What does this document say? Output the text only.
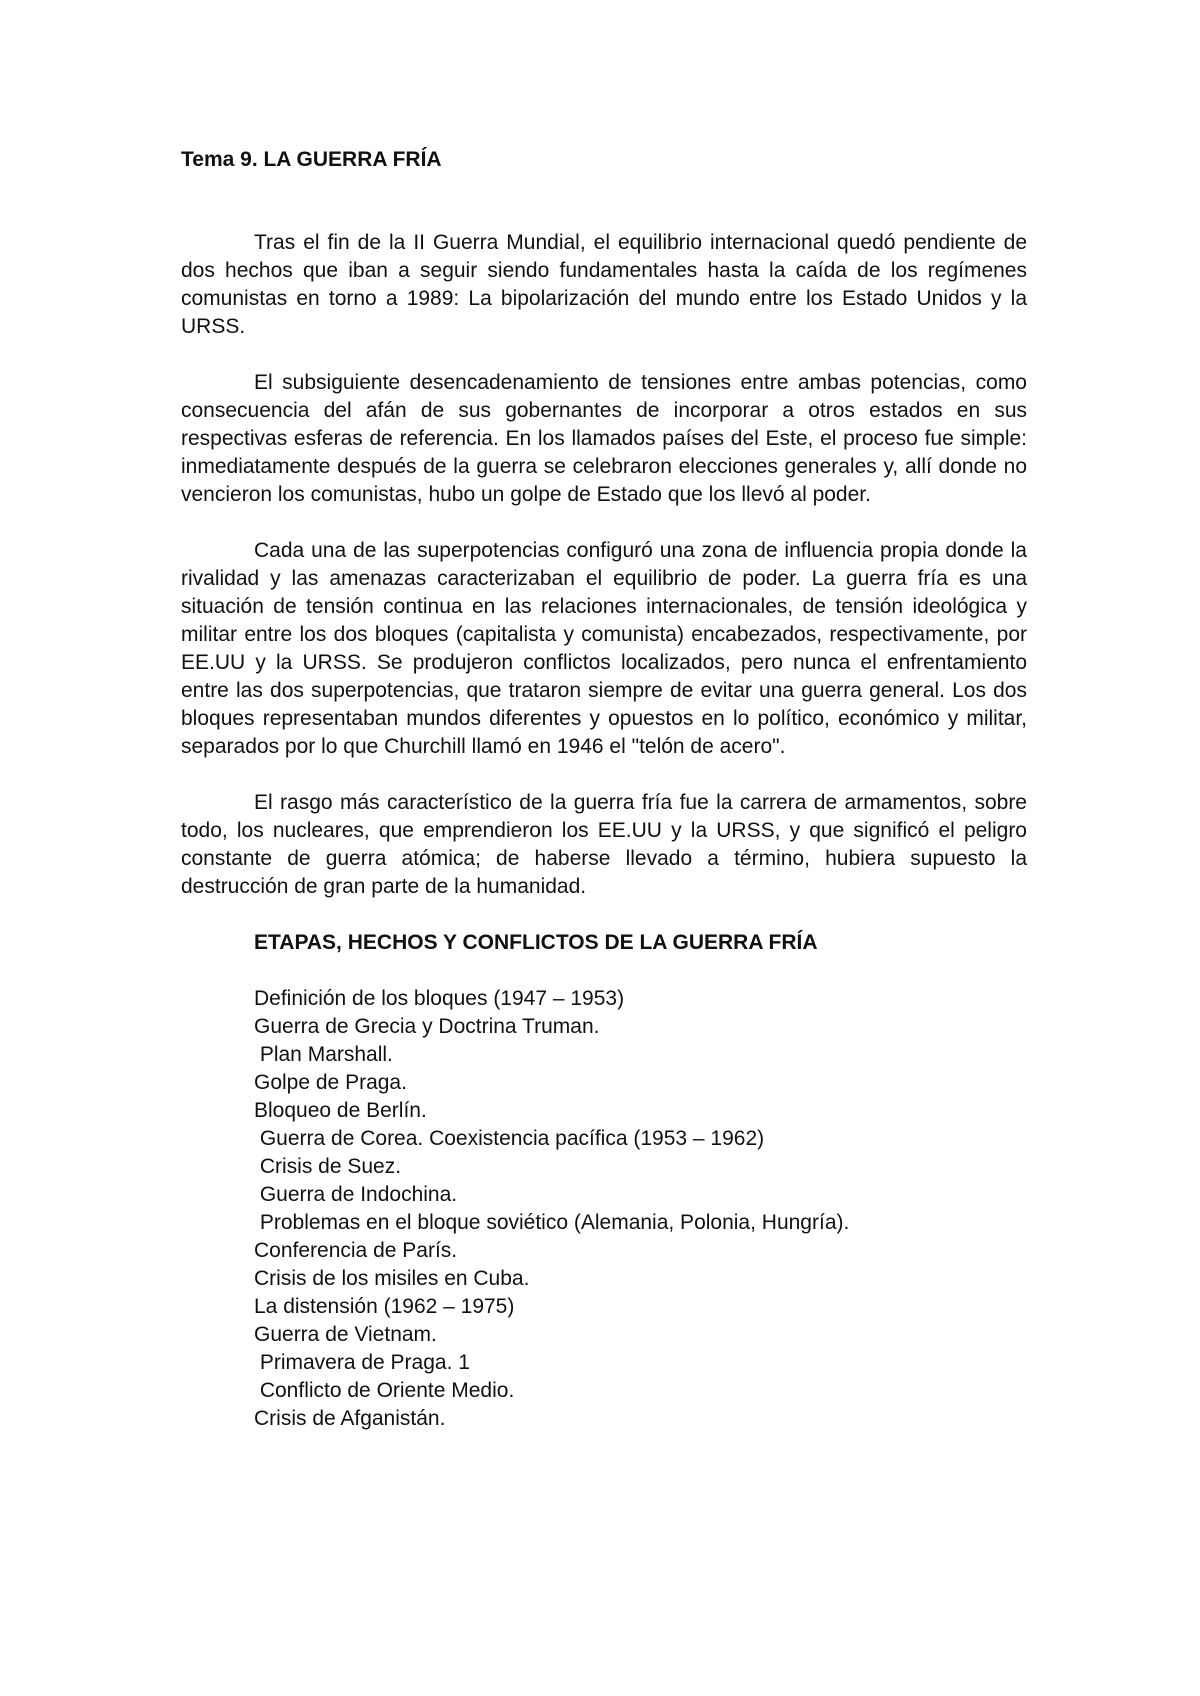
Tema 9. LA GUERRA FRÍA

Tras el fin de la II Guerra Mundial, el equilibrio internacional quedó pendiente de dos hechos que iban a seguir siendo fundamentales hasta la caída de los regímenes comunistas en torno a 1989: La bipolarización del mundo entre los Estado Unidos y la URSS.

El subsiguiente desencadenamiento de tensiones entre ambas potencias, como consecuencia del afán de sus gobernantes de incorporar a otros estados en sus respectivas esferas de referencia. En los llamados países del Este, el proceso fue simple: inmediatamente después de la guerra se celebraron elecciones generales y, allí donde no vencieron los comunistas, hubo un golpe de Estado que los llevó al poder.

Cada una de las superpotencias configuró una zona de influencia propia donde la rivalidad y las amenazas caracterizaban el equilibrio de poder. La guerra fría es una situación de tensión continua en las relaciones internacionales, de tensión ideológica y militar entre los dos bloques (capitalista y comunista) encabezados, respectivamente, por EE.UU y la URSS. Se produjeron conflictos localizados, pero nunca el enfrentamiento entre las dos superpotencias, que trataron siempre de evitar una guerra general. Los dos bloques representaban mundos diferentes y opuestos en lo político, económico y militar, separados por lo que Churchill llamó en 1946 el "telón de acero".

El rasgo más característico de la guerra fría fue la carrera de armamentos, sobre todo, los nucleares, que emprendieron los EE.UU y la URSS, y que significó el peligro constante de guerra atómica; de haberse llevado a término, hubiera supuesto la destrucción de gran parte de la humanidad.

ETAPAS, HECHOS Y CONFLICTOS DE LA GUERRA FRÍA
Definición de los bloques (1947 – 1953)
Guerra de Grecia y Doctrina Truman.
Plan Marshall.
Golpe de Praga.
Bloqueo de Berlín.
Guerra de Corea. Coexistencia pacífica (1953 – 1962)
Crisis de Suez.
Guerra de Indochina.
Problemas en el bloque soviético (Alemania, Polonia, Hungría).
Conferencia de París.
Crisis de los misiles en Cuba.
La distensión (1962 – 1975)
Guerra de Vietnam.
Primavera de Praga. 1
Conflicto de Oriente Medio.
Crisis de Afganistán.
